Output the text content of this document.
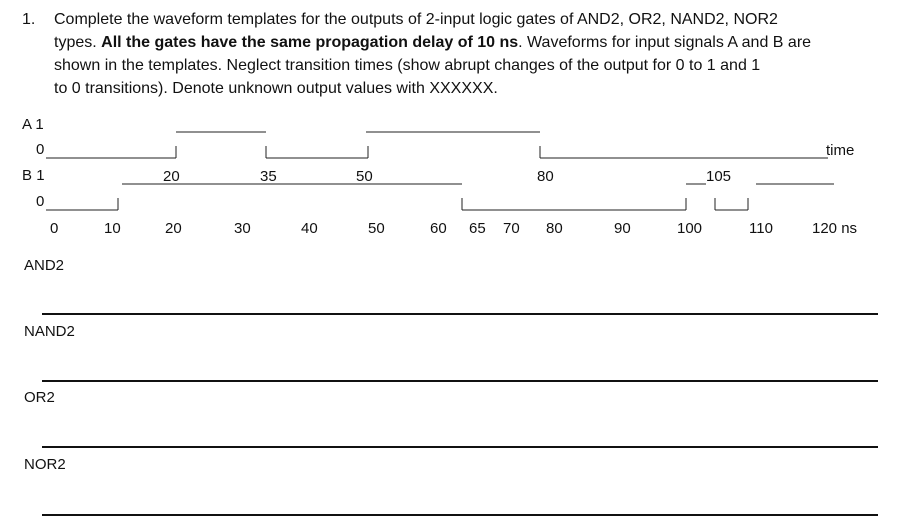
1. Complete the waveform templates for the outputs of 2-input logic gates of AND2, OR2, NAND2, NOR2
types. All the gates have the same propagation delay of 10 ns. Waveforms for input signals A and B are
shown in the templates. Neglect transition times (show abrupt changes of the output for 0 to 1 and 1
to 0 transitions). Denote unknown output values with XXXXXX.
A 1
0
B 1
0
20	35	50	80	105
time
0	10	20	30	40	50	60 65 70 80	90	100	110	120 ns
AND2
NAND2
OR2
NOR2
